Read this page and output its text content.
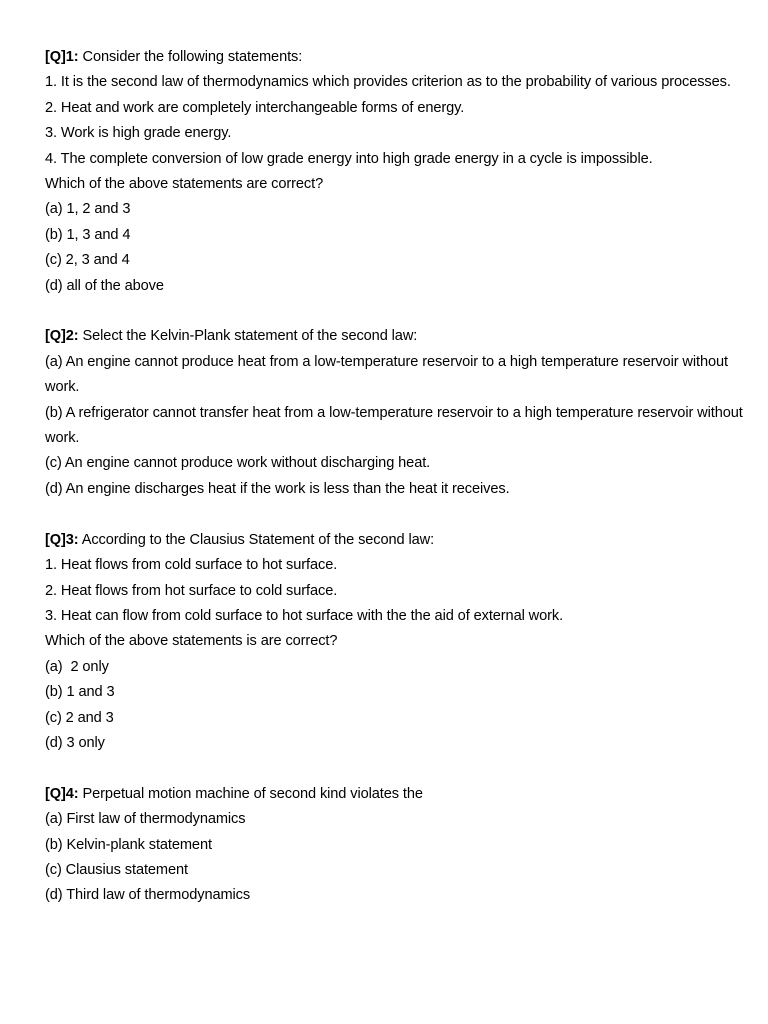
[Q]1: Consider the following statements:
1. It is the second law of thermodynamics which provides criterion as to the probability of various processes.
2. Heat and work are completely interchangeable forms of energy.
3. Work is high grade energy.
4. The complete conversion of low grade energy into high grade energy in a cycle is impossible.
Which of the above statements are correct?
(a) 1, 2 and 3
(b) 1, 3 and 4
(c) 2, 3 and 4
(d) all of the above
[Q]2: Select the Kelvin-Plank statement of the second law:
(a) An engine cannot produce heat from a low-temperature reservoir to a high temperature reservoir without work.
(b) A refrigerator cannot transfer heat from a low-temperature reservoir to a high temperature reservoir without work.
(c) An engine cannot produce work without discharging heat.
(d) An engine discharges heat if the work is less than the heat it receives.
[Q]3: According to the Clausius Statement of the second law:
1. Heat flows from cold surface to hot surface.
2. Heat flows from hot surface to cold surface.
3. Heat can flow from cold surface to hot surface with the the aid of external work.
Which of the above statements is are correct?
(a)  2 only
(b) 1 and 3
(c) 2 and 3
(d) 3 only
[Q]4: Perpetual motion machine of second kind violates the
(a) First law of thermodynamics
(b) Kelvin-plank statement
(c) Clausius statement
(d) Third law of thermodynamics
